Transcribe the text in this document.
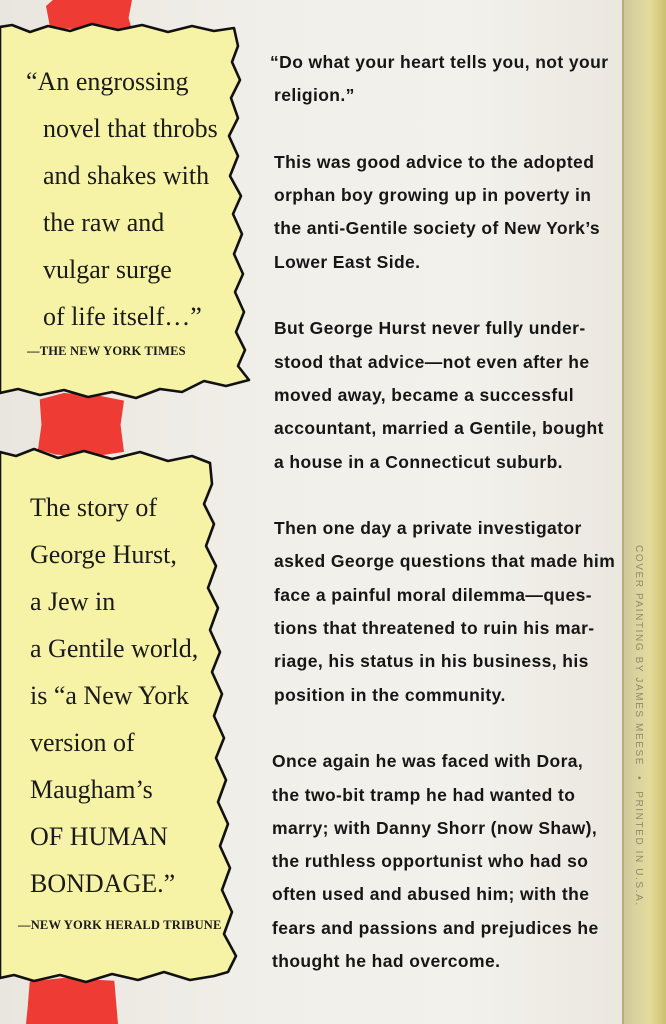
“An engrossing
novel that throbs
and shakes with
the raw and
vulgar surge
of life itself…”
—THE NEW YORK TIMES
The story of
George Hurst,
a Jew in
a Gentile world,
is “a New York
version of
Maugham’s
OF HUMAN
BONDAGE.”
—NEW YORK HERALD TRIBUNE
“Do what your heart tells you, not your
religion.”
This was good advice to the adopted
orphan boy growing up in poverty in
the anti-Gentile society of New York’s
Lower East Side.
But George Hurst never fully under-
stood that advice—not even after he
moved away, became a successful
accountant, married a Gentile, bought
a house in a Connecticut suburb.
Then one day a private investigator
asked George questions that made him
face a painful moral dilemma—ques-
tions that threatened to ruin his mar-
riage, his status in his business, his
position in the community.
Once again he was faced with Dora,
the two-bit tramp he had wanted to
marry; with Danny Shorr (now Shaw),
the ruthless opportunist who had so
often used and abused him; with the
fears and passions and prejudices he
thought he had overcome.
COVER PAINTING BY JAMES MEESE•PRINTED IN U.S.A.
